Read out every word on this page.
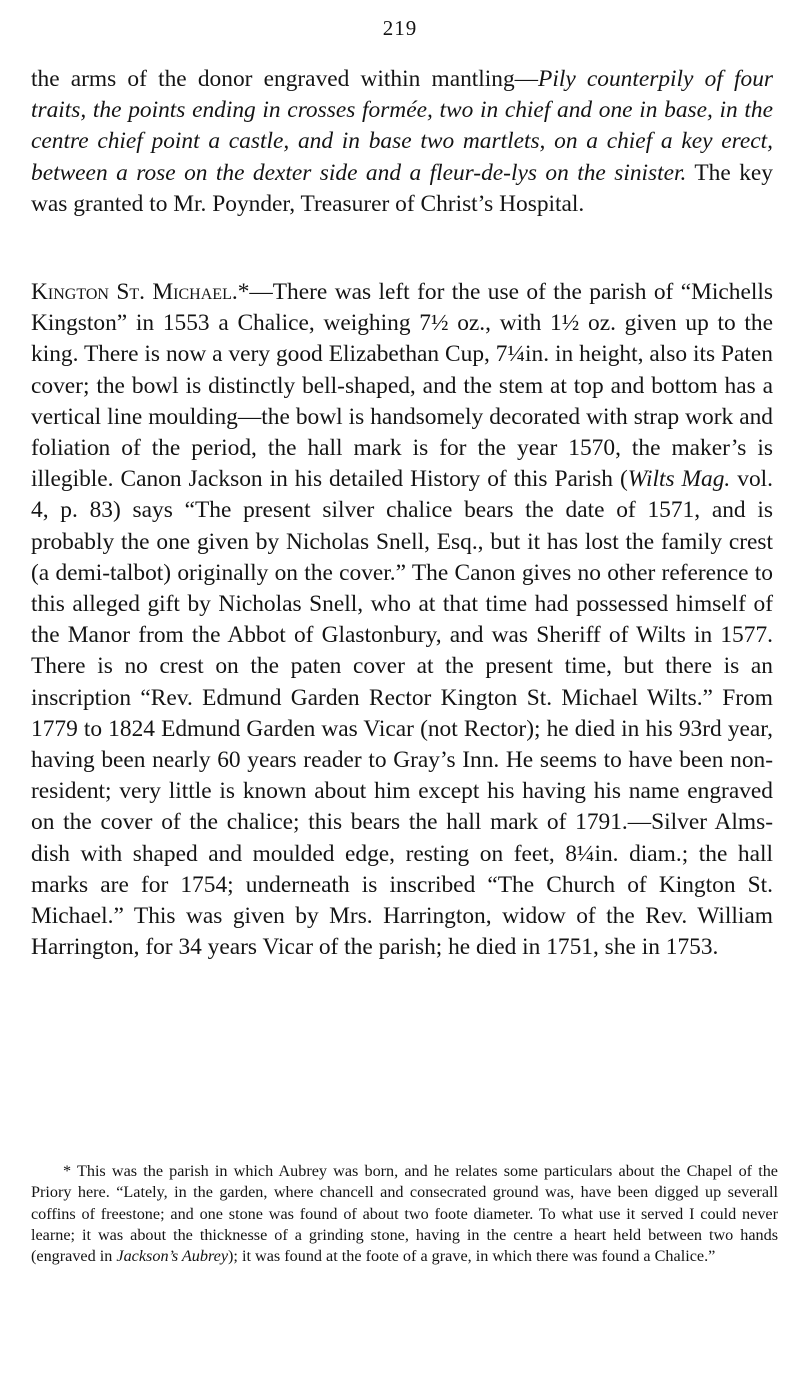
219

the arms of the donor engraved within mantling—Pily counterpily of four traits, the points ending in crosses formée, two in chief and one in base, in the centre chief point a castle, and in base two martlets, on a chief a key erect, between a rose on the dexter side and a fleur-de-lys on the sinister. The key was granted to Mr. Poynder, Treasurer of Christ’s Hospital.

Kington St. Michael.*—There was left for the use of the parish of “Michells Kingston” in 1553 a Chalice, weighing 7½ oz., with 1½ oz. given up to the king. There is now a very good Elizabethan Cup, 7¼in. in height, also its Paten cover; the bowl is distinctly bell-shaped, and the stem at top and bottom has a vertical line moulding—the bowl is handsomely decorated with strap work and foliation of the period, the hall mark is for the year 1570, the maker’s is illegible. Canon Jackson in his detailed History of this Parish (Wilts Mag. vol. 4, p. 83) says “The present silver chalice bears the date of 1571, and is probably the one given by Nicholas Snell, Esq., but it has lost the family crest (a demi-talbot) originally on the cover.” The Canon gives no other reference to this alleged gift by Nicholas Snell, who at that time had possessed himself of the Manor from the Abbot of Glastonbury, and was Sheriff of Wilts in 1577. There is no crest on the paten cover at the present time, but there is an inscription “Rev. Edmund Garden Rector Kington St. Michael Wilts.” From 1779 to 1824 Edmund Garden was Vicar (not Rector); he died in his 93rd year, having been nearly 60 years reader to Gray’s Inn. He seems to have been non-resident; very little is known about him except his having his name engraved on the cover of the chalice; this bears the hall mark of 1791.—Silver Alms-dish with shaped and moulded edge, resting on feet, 8¼in. diam.; the hall marks are for 1754; underneath is inscribed “The Church of Kington St. Michael.” This was given by Mrs. Harrington, widow of the Rev. William Harrington, for 34 years Vicar of the parish; he died in 1751, she in 1753.

* This was the parish in which Aubrey was born, and he relates some particulars about the Chapel of the Priory here. “Lately, in the garden, where chancell and consecrated ground was, have been digged up severall coffins of freestone; and one stone was found of about two foote diameter. To what use it served I could never learne; it was about the thicknesse of a grinding stone, having in the centre a heart held between two hands (engraved in Jackson’s Aubrey); it was found at the foote of a grave, in which there was found a Chalice.”
